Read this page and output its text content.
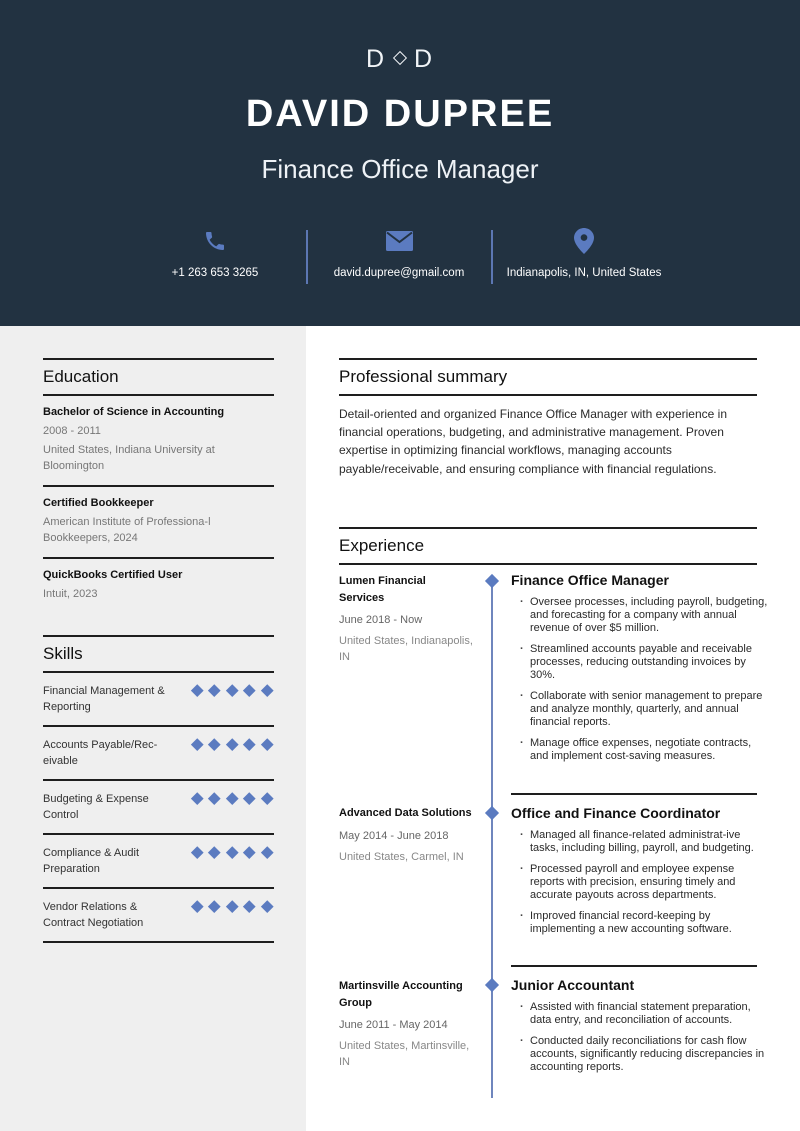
D D
DAVID DUPREE
Finance Office Manager
+1 263 653 3265	david.dupree@gmail.com	Indianapolis, IN, United States
Education
Bachelor of Science in Accounting
2008 - 2011
United States, Indiana University at Bloomington
Certified Bookkeeper
American Institute of Professiona-l Bookkeepers, 2024
QuickBooks Certified User
Intuit, 2023
Skills
Financial Management & Reporting
Accounts Payable/Rec-eivable
Budgeting & Expense Control
Compliance & Audit Preparation
Vendor Relations & Contract Negotiation
Professional summary
Detail-oriented and organized Finance Office Manager with experience in financial operations, budgeting, and administrative management. Proven expertise in optimizing financial workflows, managing accounts payable/receivable, and ensuring compliance with financial regulations.
Experience
Lumen Financial Services
June 2018 - Now
United States, Indianapolis, IN
Finance Office Manager
· Oversee processes, including payroll, budgeting, and forecasting for a company with annual revenue of over $5 million.
· Streamlined accounts payable and receivable processes, reducing outstanding invoices by 30%.
· Collaborate with senior management to prepare and analyze monthly, quarterly, and annual financial reports.
· Manage office expenses, negotiate contracts, and implement cost-saving measures.
Advanced Data Solutions
May 2014 - June 2018
United States, Carmel, IN
Office and Finance Coordinator
· Managed all finance-related administrat-ive tasks, including billing, payroll, and budgeting.
· Processed payroll and employee expense reports with precision, ensuring timely and accurate payouts across departments.
· Improved financial record-keeping by implementing a new accounting software.
Martinsville Accounting Group
June 2011 - May 2014
United States, Martinsville, IN
Junior Accountant
· Assisted with financial statement preparation, data entry, and reconciliation of accounts.
· Conducted daily reconciliations for cash flow accounts, significantly reducing discrepancies in accounting reports.
